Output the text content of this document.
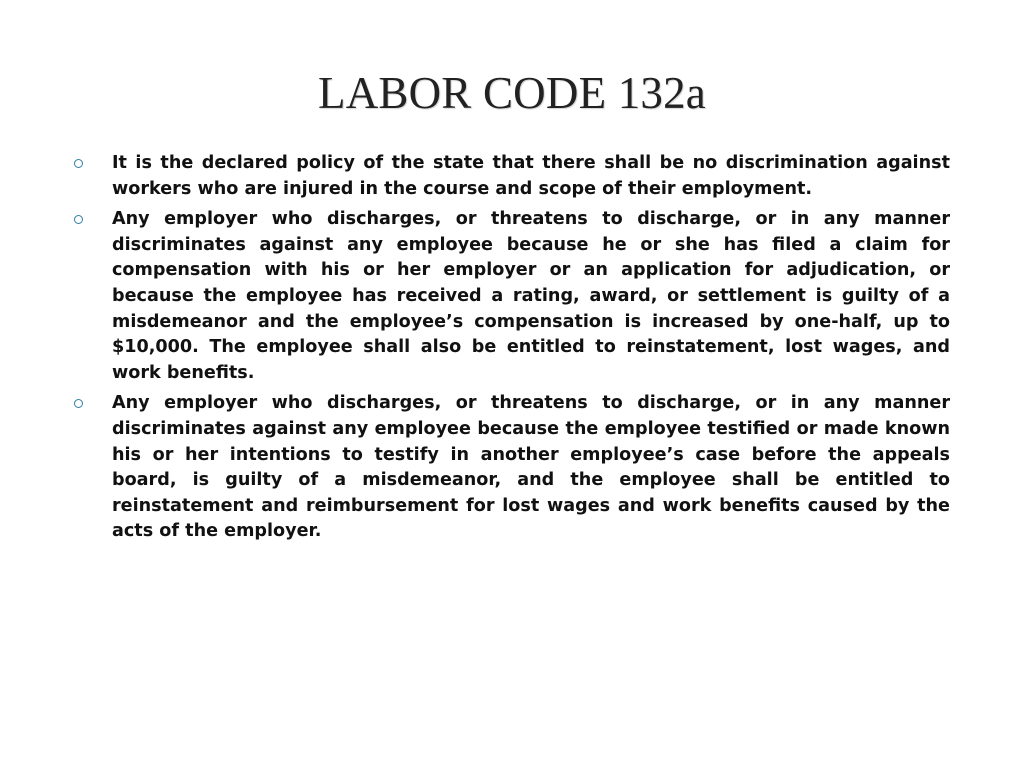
LABOR CODE 132a
It is the declared policy of the state that there shall be no discrimination against workers who are injured in the course and scope of their employment.
Any employer who discharges, or threatens to discharge, or in any manner discriminates against any employee because he or she has filed a claim for compensation with his or her employer or an application for adjudication, or because the employee has received a rating, award, or settlement is guilty of a misdemeanor and the employee’s compensation is increased by one-half, up to $10,000. The employee shall also be entitled to reinstatement, lost wages, and work benefits.
Any employer who discharges, or threatens to discharge, or in any manner discriminates against any employee because the employee testified or made known his or her intentions to testify in another employee’s case before the appeals board, is guilty of a misdemeanor, and the employee shall be entitled to reinstatement and reimbursement for lost wages and work benefits caused by the acts of the employer.
